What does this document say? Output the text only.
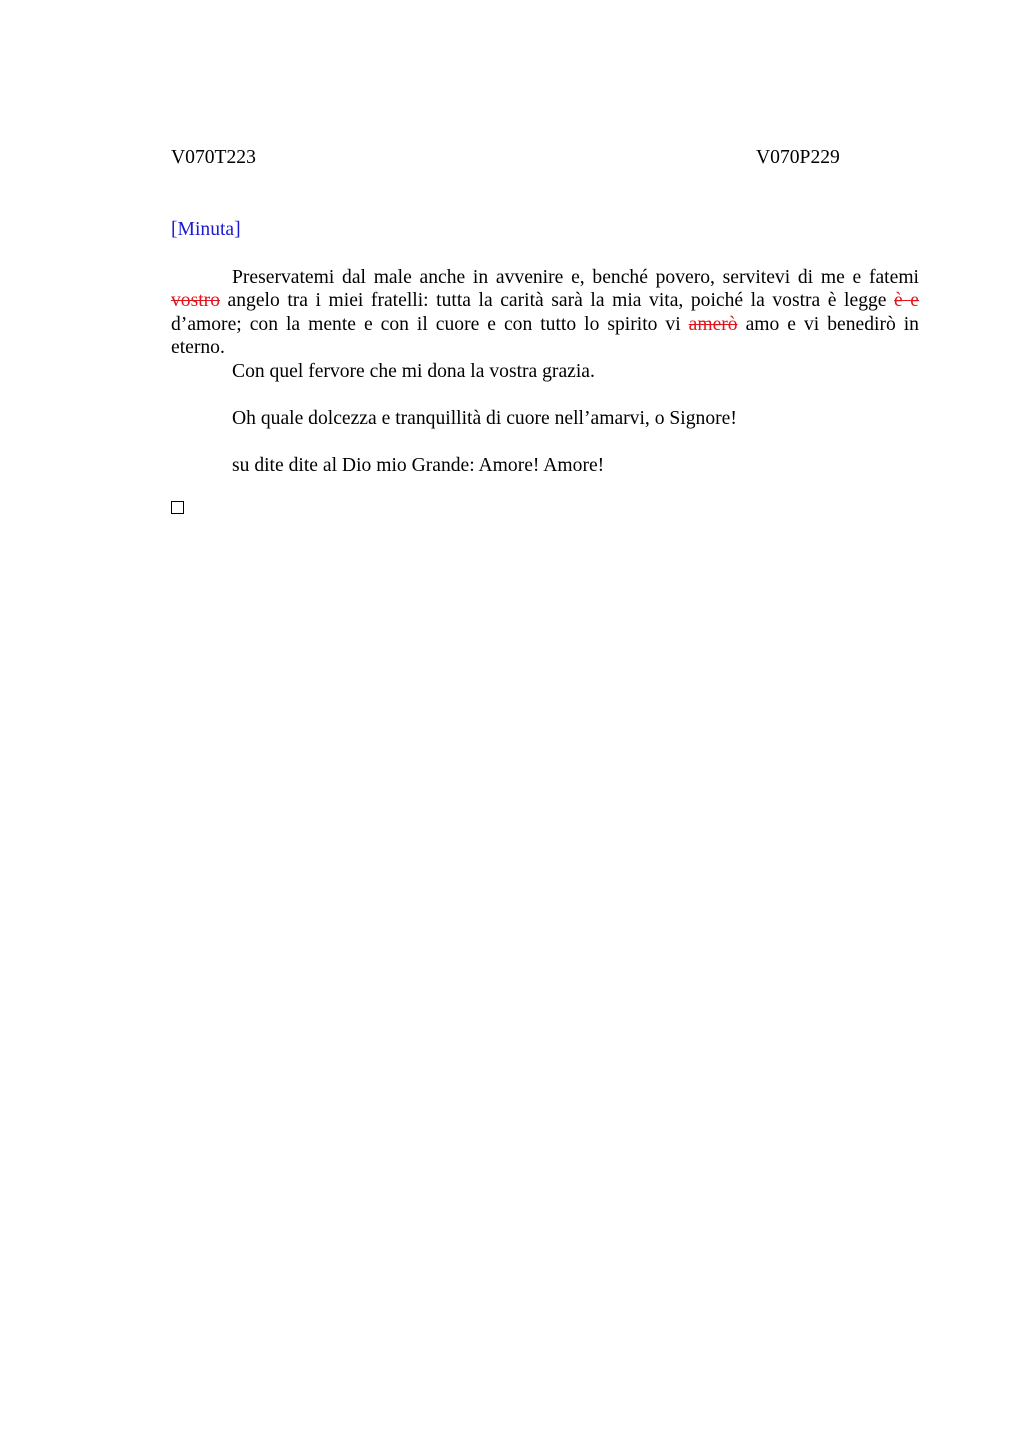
V070T223	V070P229
[Minuta]

Preservatemi dal male anche in avvenire e, benché povero, servitevi di me e fatemi vostro angelo tra i miei fratelli: tutta la carità sarà la mia vita, poiché la vostra è legge è e d’amore; con la mente e con il cuore e con tutto lo spirito vi amerò amo e vi benedirò in eterno.

Con quel fervore che mi dona la vostra grazia.

Oh quale dolcezza e tranquillità di cuore nell’amarvi, o Signore!

su dite dite al Dio mio Grande: Amore! Amore!
